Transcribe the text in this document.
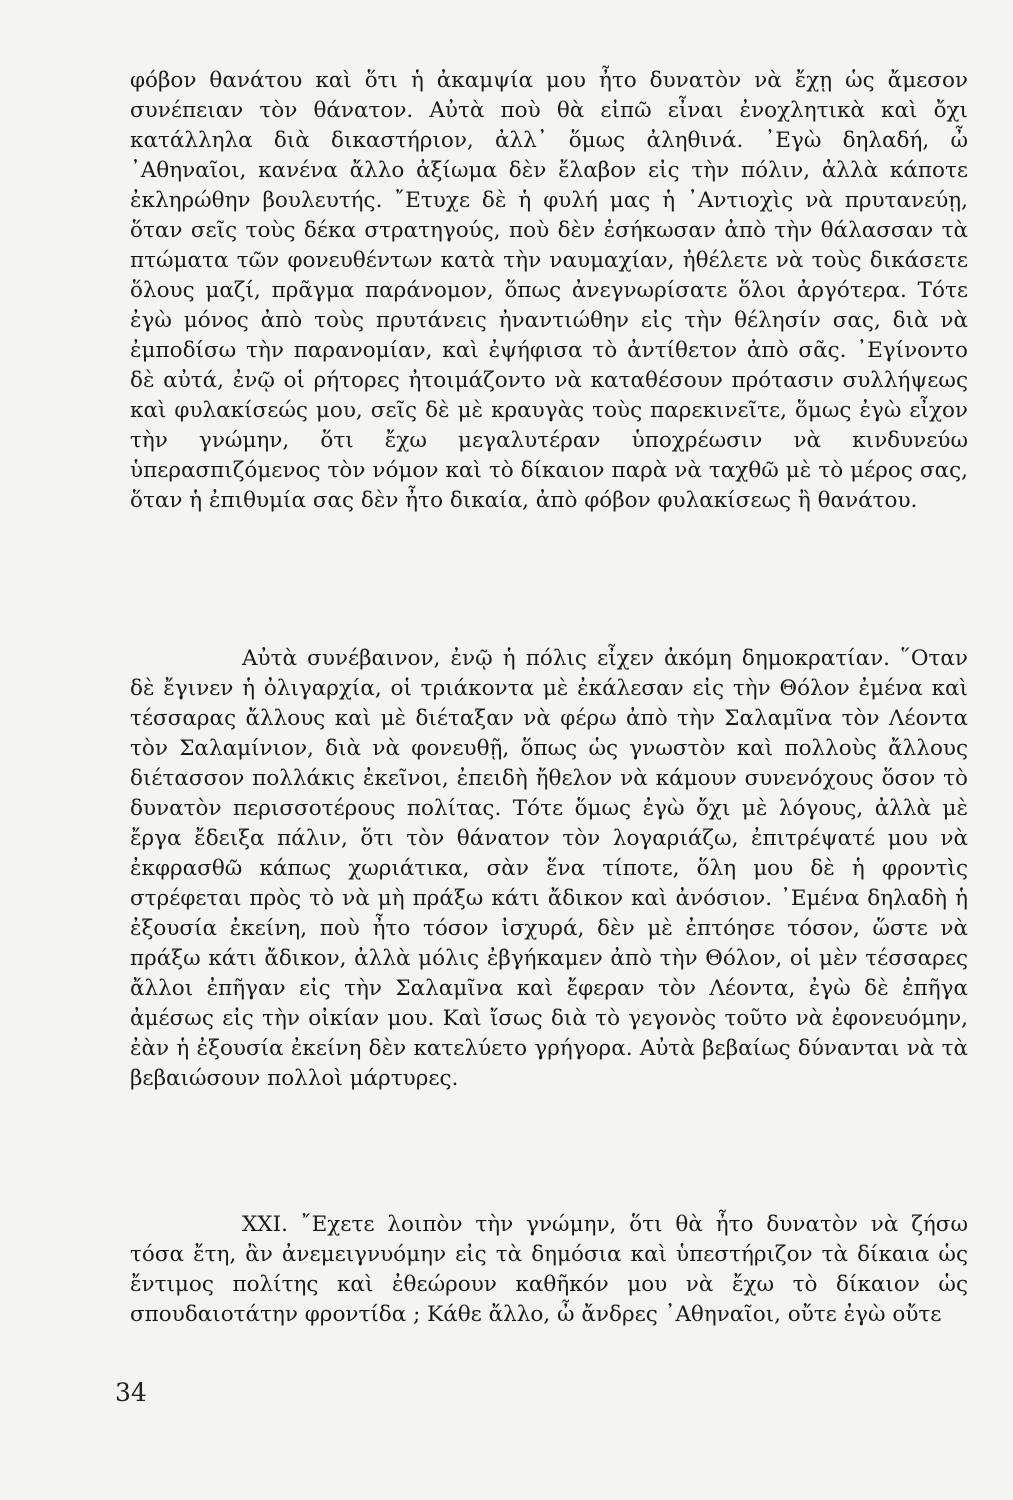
φόβον θανάτου καὶ ὅτι ἡ ἀκαμψία μου ἦτο δυνατὸν νὰ ἔχῃ ὡς ἄμεσον συνέπειαν τὸν θάνατον. Αὐτὰ ποὺ θὰ εἰπῶ εἶναι ἐνοχλητικὰ καὶ ὄχι κατάλληλα διὰ δικαστήριον, ἀλλ᾽ ὅμως ἀληθινά. ᾿Εγὼ δηλαδή, ὦ ᾿Αθηναῖοι, κανένα ἄλλο ἀξίωμα δὲν ἔλαβον εἰς τὴν πόλιν, ἀλλὰ κάποτε ἐκληρώθην βουλευτής. ῎Ετυχε δὲ ἡ φυλή μας ἡ ᾿Αντιοχὶς νὰ πρυτανεύῃ, ὅταν σεῖς τοὺς δέκα στρατηγούς, ποὺ δὲν ἐσήκωσαν ἀπὸ τὴν θάλασσαν τὰ πτώματα τῶν φονευθέντων κατὰ τὴν ναυμαχίαν, ἠθέλετε νὰ τοὺς δικάσετε ὅλους μαζί, πρᾶγμα παράνομον, ὅπως ἀνεγνωρίσατε ὅλοι ἀργότερα. Τότε ἐγὼ μόνος ἀπὸ τοὺς πρυτάνεις ἠναντιώθην εἰς τὴν θέλησίν σας, διὰ νὰ ἐμποδίσω τὴν παρανομίαν, καὶ ἐψήφισα τὸ ἀντίθετον ἀπὸ σᾶς. ᾿Εγίνοντο δὲ αὐτά, ἐνῷ οἱ ρήτορες ἠτοιμάζοντο νὰ καταθέσουν πρότασιν συλλήψεως καὶ φυλακίσεώς μου, σεῖς δὲ μὲ κραυγὰς τοὺς παρεκινεῖτε, ὅμως ἐγὼ εἶχον τὴν γνώμην, ὅτι ἔχω μεγαλυτέραν ὑποχρέωσιν νὰ κινδυνεύω ὑπερασπιζόμενος τὸν νόμον καὶ τὸ δίκαιον παρὰ νὰ ταχθῶ μὲ τὸ μέρος σας, ὅταν ἡ ἐπιθυμία σας δὲν ἦτο δικαία, ἀπὸ φόβον φυλακίσεως ἢ θανάτου.

Αὐτὰ συνέβαινον, ἐνῷ ἡ πόλις εἶχεν ἀκόμη δημοκρατίαν. ῞Οταν δὲ ἔγινεν ἡ ὀλιγαρχία, οἱ τριάκοντα μὲ ἐκάλεσαν εἰς τὴν Θόλον ἐμένα καὶ τέσσαρας ἄλλους καὶ μὲ διέταξαν νὰ φέρω ἀπὸ τὴν Σαλαμῖνα τὸν Λέοντα τὸν Σαλαμίνιον, διὰ νὰ φονευθῇ, ὅπως ὡς γνωστὸν καὶ πολλοὺς ἄλλους διέτασσον πολλάκις ἐκεῖνοι, ἐπειδὴ ἤθελον νὰ κάμουν συνενόχους ὅσον τὸ δυνατὸν περισσοτέρους πολίτας. Τότε ὅμως ἐγὼ ὄχι μὲ λόγους, ἀλλὰ μὲ ἔργα ἔδειξα πάλιν, ὅτι τὸν θάνατον τὸν λογαριάζω, ἐπιτρέψατέ μου νὰ ἐκφρασθῶ κάπως χωριάτικα, σὰν ἕνα τίποτε, ὅλη μου δὲ ἡ φροντὶς στρέφεται πρὸς τὸ νὰ μὴ πράξω κάτι ἄδικον καὶ ἀνόσιον. ᾿Εμένα δηλαδὴ ἡ ἐξουσία ἐκείνη, ποὺ ἦτο τόσον ἰσχυρά, δὲν μὲ ἐπτόησε τόσον, ὥστε νὰ πράξω κάτι ἄδικον, ἀλλὰ μόλις ἐβγήκαμεν ἀπὸ τὴν Θόλον, οἱ μὲν τέσσαρες ἄλλοι ἐπῆγαν εἰς τὴν Σαλαμῖνα καὶ ἔφεραν τὸν Λέοντα, ἐγὼ δὲ ἐπῆγα ἀμέσως εἰς τὴν οἰκίαν μου. Καὶ ἴσως διὰ τὸ γεγονὸς τοῦτο νὰ ἐφονευόμην, ἐὰν ἡ ἐξουσία ἐκείνη δὲν κατελύετο γρήγορα. Αὐτὰ βεβαίως δύνανται νὰ τὰ βεβαιώσουν πολλοὶ μάρτυρες.

XXI. ῎Εχετε λοιπὸν τὴν γνώμην, ὅτι θὰ ἦτο δυνατὸν νὰ ζήσω τόσα ἔτη, ἂν ἀνεμειγνυόμην εἰς τὰ δημόσια καὶ ὑπεστήριζον τὰ δίκαια ὡς ἔντιμος πολίτης καὶ ἐθεώρουν καθῆκόν μου νὰ ἔχω τὸ δίκαιον ὡς σπουδαιοτάτην φροντίδα ; Κάθε ἄλλο, ὦ ἄνδρες ᾿Αθηναῖοι, οὔτε ἐγὼ οὔτε

34
